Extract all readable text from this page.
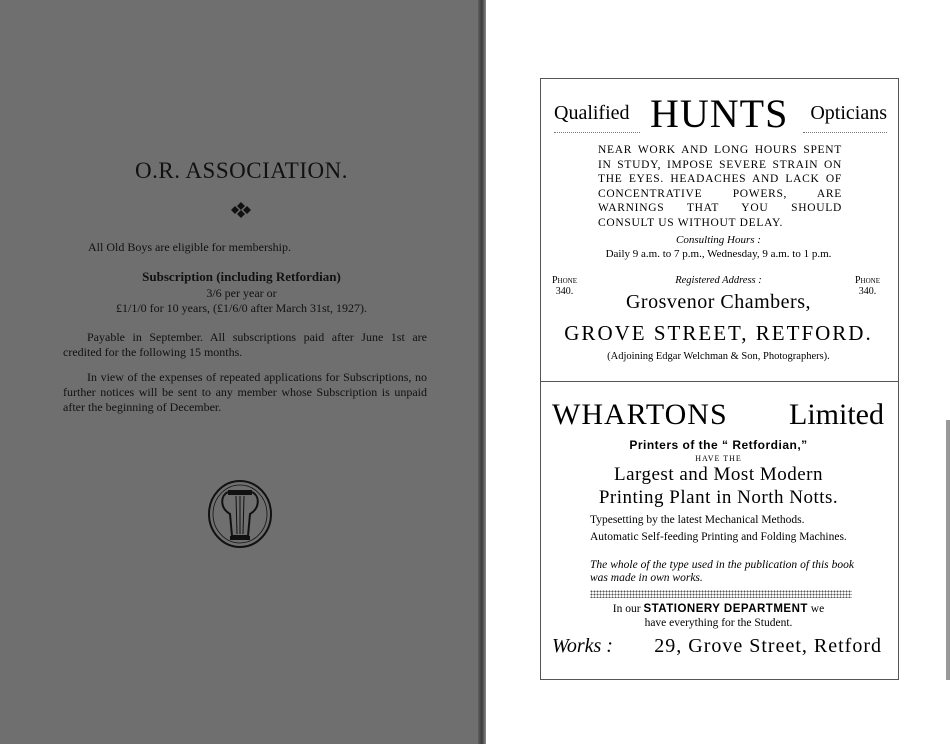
O.R. ASSOCIATION.
All Old Boys are eligible for membership.
Subscription (including Retfordian)
3/6 per year or
£1/1/0 for 10 years, (£1/6/0 after March 31st, 1927).

Payable in September. All subscriptions paid after June 1st are credited for the following 15 months.

In view of the expenses of repeated applications for Subscriptions, no further notices will be sent to any member whose Subscription is unpaid after the beginning of December.

Qualified HUNTS Opticians

NEAR WORK AND LONG HOURS SPENT IN STUDY, IMPOSE SEVERE STRAIN ON THE EYES. HEADACHES AND LACK OF CONCENTRATIVE POWERS, ARE WARNINGS THAT YOU SHOULD CONSULT US WITHOUT DELAY.

Consulting Hours :
Daily 9 a.m. to 7 p.m., Wednesday, 9 a.m. to 1 p.m.
Phone
340.
Phone
340.
Registered Address :
Grosvenor Chambers,
GROVE STREET, RETFORD.
(Adjoining Edgar Welchman & Son, Photographers).
WHARTONS Limited
Printers of the “ Retfordian,”
HAVE THE
Largest and Most Modern
Printing Plant in North Notts.
Typesetting by the latest Mechanical Methods.

Automatic Self-feeding Printing and Folding Machines.

The whole of the type used in the publication of this book was made in own works.

In our STATIONERY DEPARTMENT we
have everything for the Student.
Works : 29, Grove Street, Retford
